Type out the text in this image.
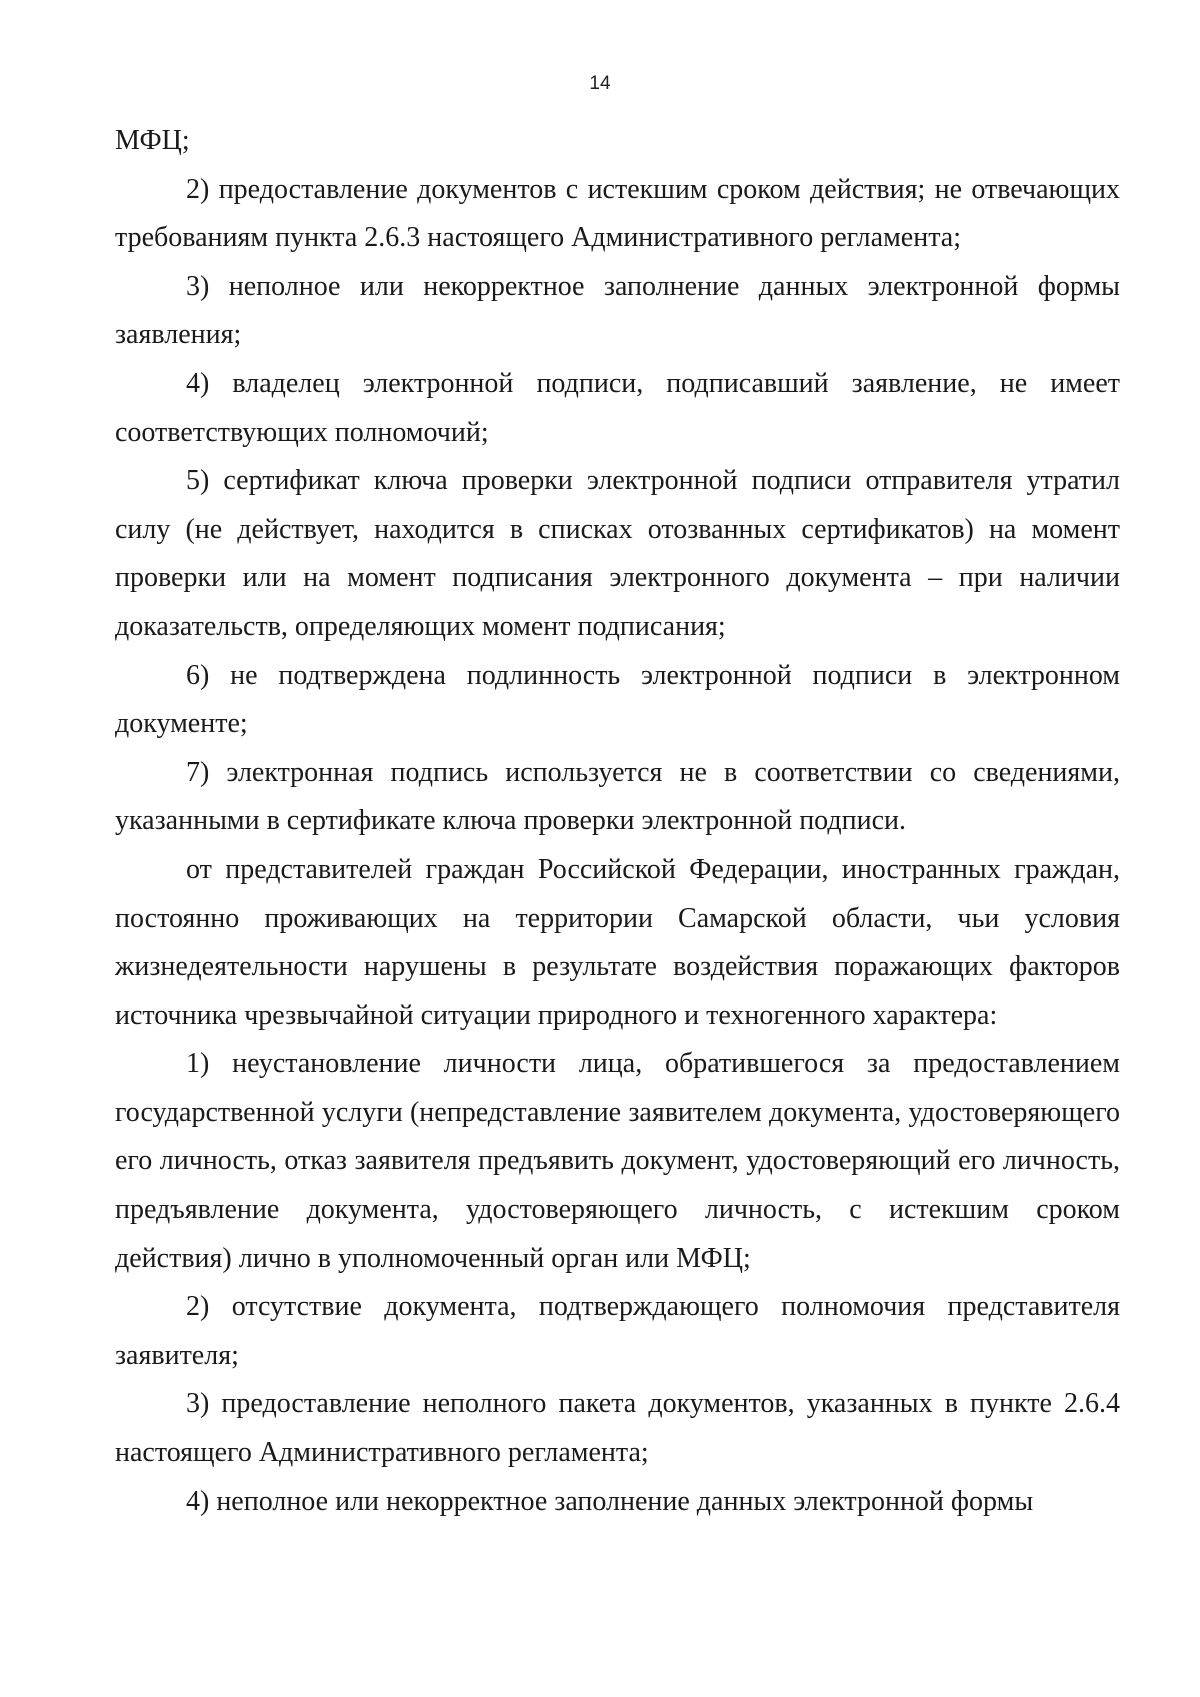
14

МФЦ;

2) предоставление документов с истекшим сроком действия; не отвечающих требованиям пункта 2.6.3 настоящего Административного регламента;

3) неполное или некорректное заполнение данных электронной формы заявления;

4) владелец электронной подписи, подписавший заявление, не имеет соответствующих полномочий;

5) сертификат ключа проверки электронной подписи отправителя утратил силу (не действует, находится в списках отозванных сертификатов) на момент проверки или на момент подписания электронного документа – при наличии доказательств, определяющих момент подписания;

6) не подтверждена подлинность электронной подписи в электронном документе;

7) электронная подпись используется не в соответствии со сведениями, указанными в сертификате ключа проверки электронной подписи.

от представителей граждан Российской Федерации, иностранных граждан, постоянно проживающих на территории Самарской области, чьи условия жизнедеятельности нарушены в результате воздействия поражающих факторов источника чрезвычайной ситуации природного и техногенного характера:

1) неустановление личности лица, обратившегося за предоставлением государственной услуги (непредставление заявителем документа, удостоверяющего его личность, отказ заявителя предъявить документ, удостоверяющий его личность, предъявление документа, удостоверяющего личность, с истекшим сроком действия) лично в уполномоченный орган или МФЦ;

2) отсутствие документа, подтверждающего полномочия представителя заявителя;

3) предоставление неполного пакета документов, указанных в пункте 2.6.4 настоящего Административного регламента;

4) неполное или некорректное заполнение данных электронной формы
